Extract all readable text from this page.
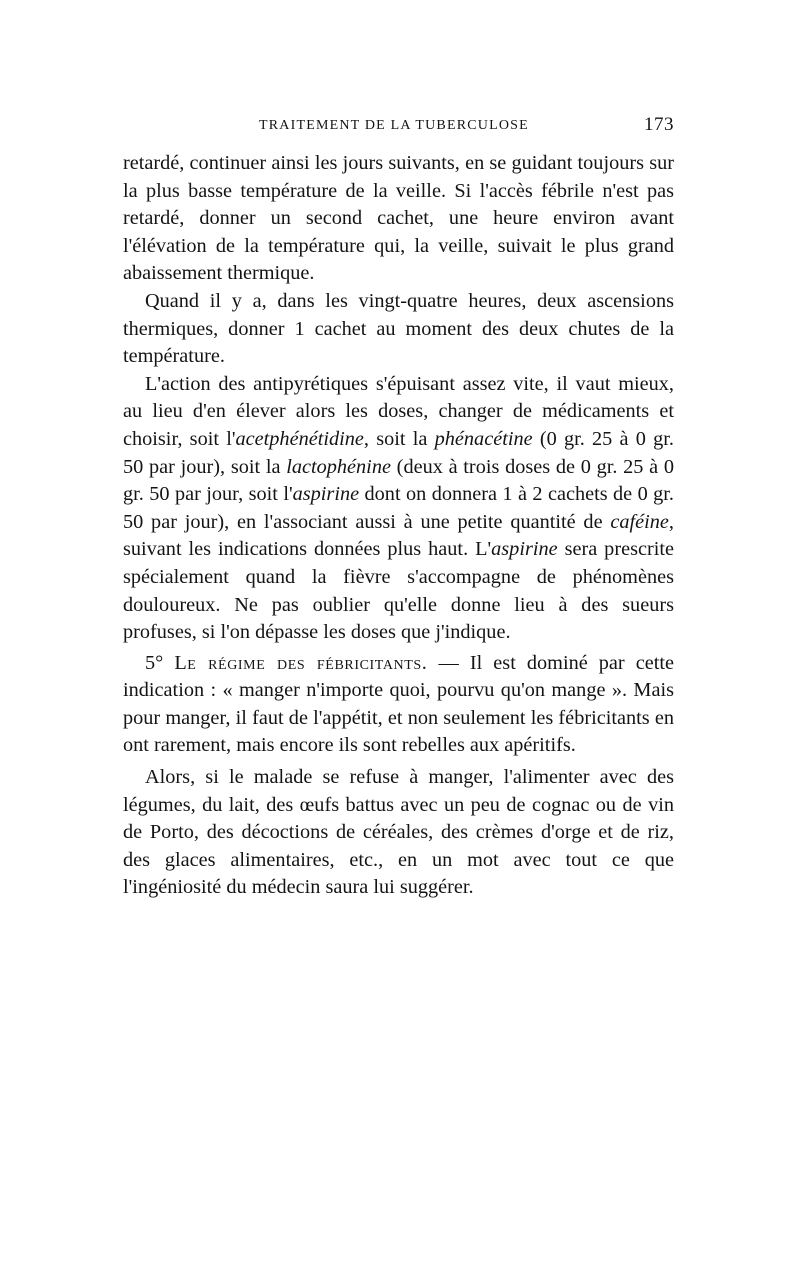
TRAITEMENT DE LA TUBERCULOSE	173

retardé, continuer ainsi les jours suivants, en se guidant toujours sur la plus basse température de la veille. Si l'accès fébrile n'est pas retardé, donner un second cachet, une heure environ avant l'élévation de la température qui, la veille, suivait le plus grand abaissement thermique.

Quand il y a, dans les vingt-quatre heures, deux ascensions thermiques, donner 1 cachet au moment des deux chutes de la température.

L'action des antipyrétiques s'épuisant assez vite, il vaut mieux, au lieu d'en élever alors les doses, changer de médicaments et choisir, soit l'acetphénétidine, soit la phénacétine (0 gr. 25 à 0 gr. 50 par jour), soit la lactophénine (deux à trois doses de 0 gr. 25 à 0 gr. 50 par jour, soit l'aspirine dont on donnera 1 à 2 cachets de 0 gr. 50 par jour), en l'associant aussi à une petite quantité de caféine, suivant les indications données plus haut. L'aspirine sera prescrite spécialement quand la fièvre s'accompagne de phénomènes douloureux. Ne pas oublier qu'elle donne lieu à des sueurs profuses, si l'on dépasse les doses que j'indique.

5° Le régime des fébricitants. — Il est dominé par cette indication : « manger n'importe quoi, pourvu qu'on mange ». Mais pour manger, il faut de l'appétit, et non seulement les fébricitants en ont rarement, mais encore ils sont rebelles aux apéritifs.

Alors, si le malade se refuse à manger, l'alimenter avec des légumes, du lait, des œufs battus avec un peu de cognac ou de vin de Porto, des décoctions de céréales, des crèmes d'orge et de riz, des glaces alimentaires, etc., en un mot avec tout ce que l'ingéniosité du médecin saura lui suggérer.
